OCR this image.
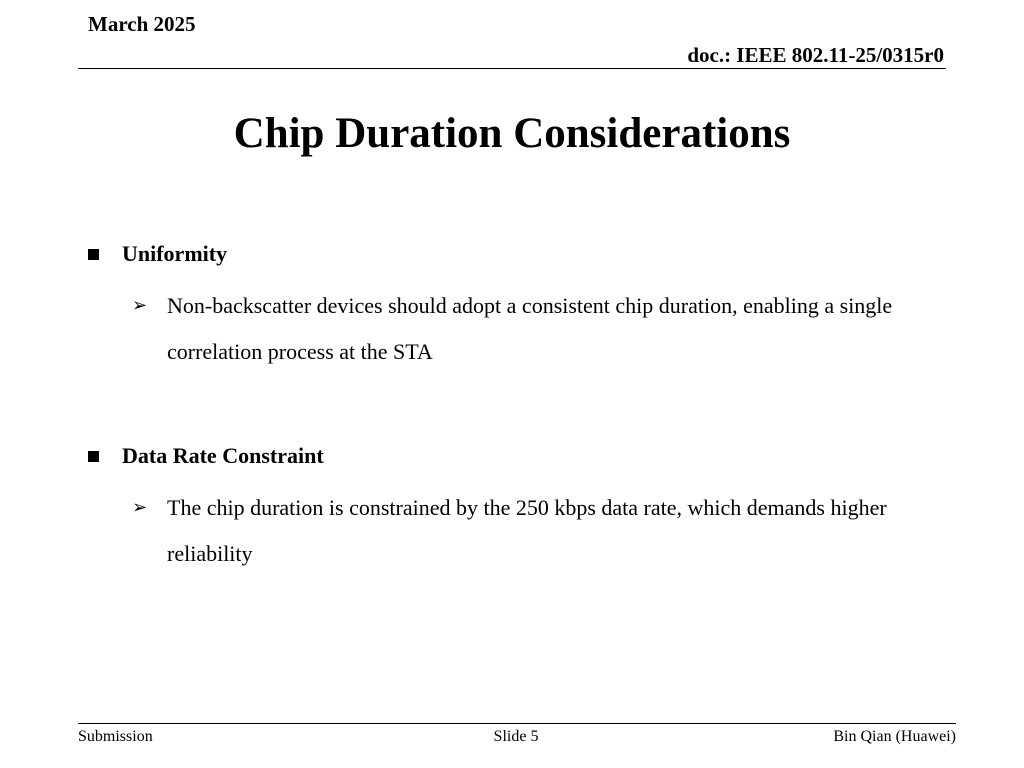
March 2025
doc.: IEEE 802.11-25/0315r0
Chip Duration Considerations
Uniformity
➢ Non-backscatter devices should adopt a consistent chip duration, enabling a single correlation process at the STA
Data Rate Constraint
➢ The chip duration is constrained by the 250 kbps data rate, which demands higher reliability
Submission	Slide 5	Bin Qian (Huawei)
